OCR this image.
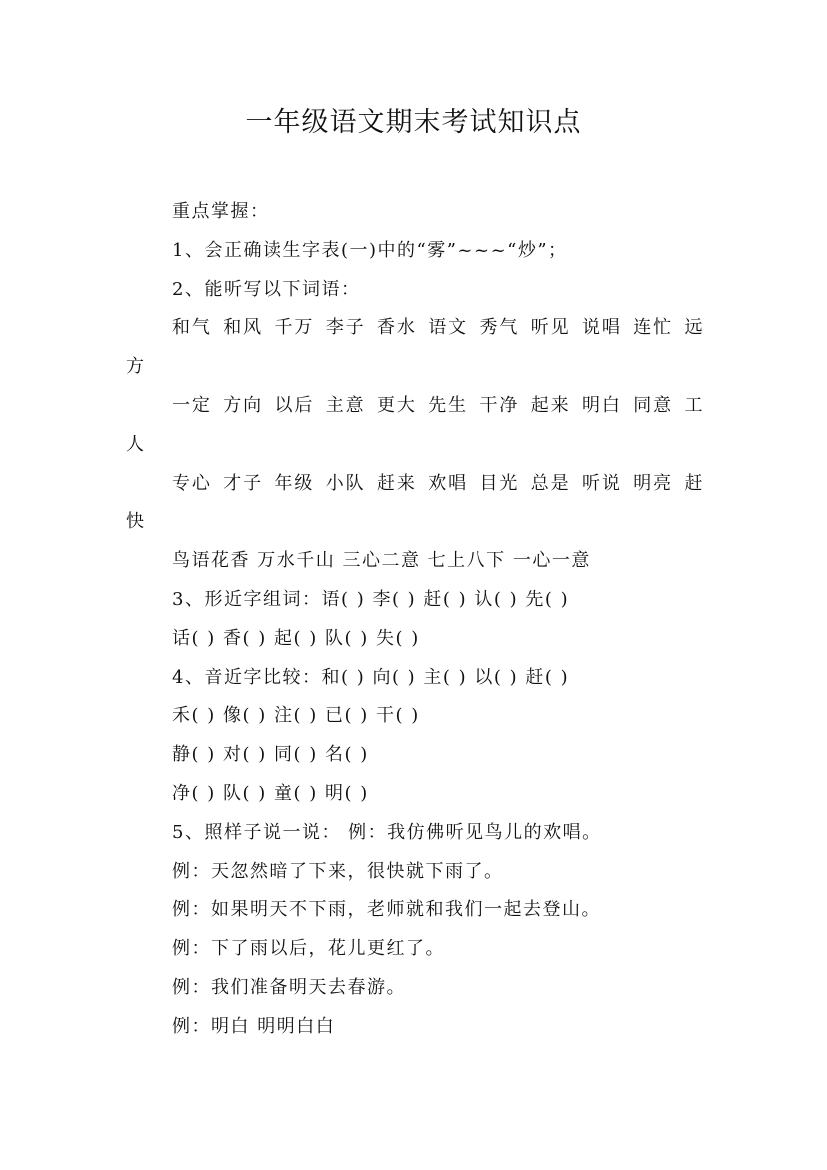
一年级语文期末考试知识点
重点掌握：
1、会正确读生字表(一)中的“雾”~~~“炒”；
2、能听写以下词语：
和气 和风 千万 李子 香水 语文 秀气 听见 说唱 连忙 远方
一定 方向 以后 主意 更大 先生 干净 起来 明白 同意 工人
专心 才子 年级 小队 赶来 欢唱 目光 总是 听说 明亮 赶快
鸟语花香 万水千山 三心二意 七上八下 一心一意
3、形近字组词：语( ) 李( ) 赶( ) 认( ) 先( )
话( ) 香( ) 起( ) 队( ) 失( )
4、音近字比较：和( ) 向( ) 主( ) 以( ) 赶( )
禾( ) 像( ) 注( ) 已( ) 干( )
静( ) 对( ) 同( ) 名( )
净( ) 队( ) 童( ) 明( )
5、照样子说一说： 例：我仿佛听见鸟儿的欢唱。
例：天忽然暗了下来，很快就下雨了。
例：如果明天不下雨，老师就和我们一起去登山。
例：下了雨以后，花儿更红了。
例：我们准备明天去春游。
例：明白 明明白白
